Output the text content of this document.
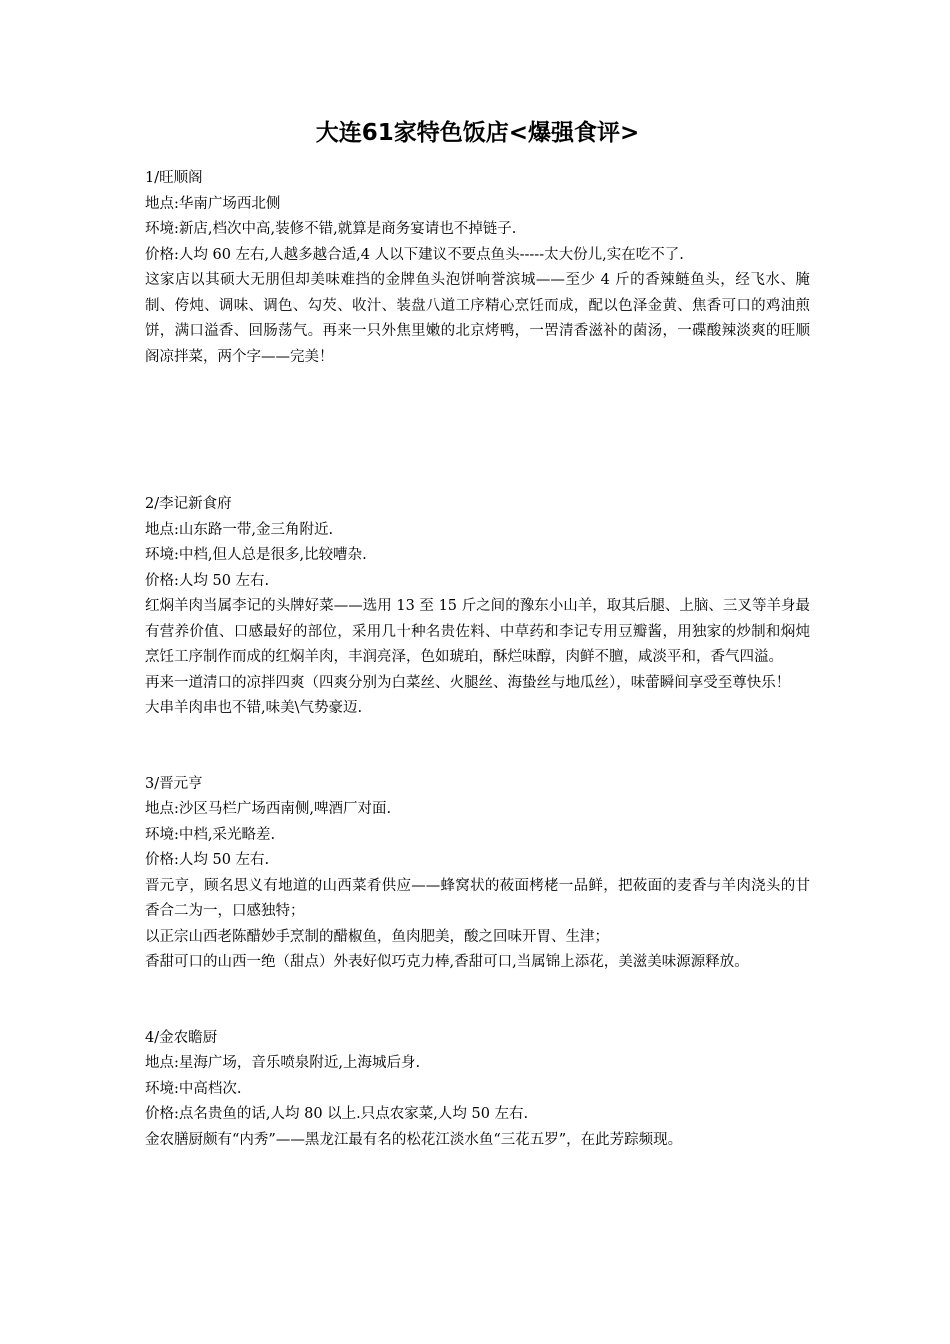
大连61家特色饭店<爆强食评>

1/旺顺阁

地点:华南广场西北侧

环境:新店,档次中高,装修不错,就算是商务宴请也不掉链子.

价格:人均 60 左右,人越多越合适,4 人以下建议不要点鱼头-----太大份儿,实在吃不了.

这家店以其硕大无朋但却美味难挡的金牌鱼头泡饼响誉滨城——至少 4 斤的香辣鲢鱼头，经飞水、腌制、侉炖、调味、调色、勾芡、收汁、装盘八道工序精心烹饪而成，配以色泽金黄、焦香可口的鸡油煎饼，满口溢香、回肠荡气。再来一只外焦里嫩的北京烤鸭，一罟清香滋补的菌汤，一碟酸辣淡爽的旺顺阁凉拌菜，两个字——完美！

2/李记新食府

地点:山东路一带,金三角附近.

环境:中档,但人总是很多,比较嘈杂.

价格:人均 50 左右.

红焖羊肉当属李记的头牌好菜——选用 13 至 15 斤之间的豫东小山羊，取其后腿、上脑、三叉等羊身最有营养价值、口感最好的部位，采用几十种名贵佐料、中草药和李记专用豆瓣酱，用独家的炒制和焖炖烹饪工序制作而成的红焖羊肉，丰润亮泽，色如琥珀，酥烂味醇，肉鲜不膻，咸淡平和，香气四溢。

再来一道清口的凉拌四爽（四爽分别为白菜丝、火腿丝、海蛰丝与地瓜丝），味蕾瞬间享受至尊快乐！

大串羊肉串也不错,味美\气势豪迈.

3/晋元亨

地点:沙区马栏广场西南侧,啤酒厂对面.

环境:中档,采光略差.

价格:人均 50 左右.

晋元亨，顾名思义有地道的山西菜肴供应——蜂窝状的莜面栲栳一品鲜，把莜面的麦香与羊肉浇头的甘香合二为一，口感独特；

以正宗山西老陈醋妙手烹制的醋椒鱼，鱼肉肥美，酸之回味开胃、生津；

香甜可口的山西一绝（甜点）外表好似巧克力棒,香甜可口,当属锦上添花，美滋美味源源释放。

4/金农瞻厨

地点:星海广场，音乐喷泉附近,上海城后身.

环境:中高档次.

价格:点名贵鱼的话,人均 80 以上.只点农家菜,人均 50 左右.

金农膳厨颇有“内秀”——黑龙江最有名的松花江淡水鱼“三花五罗”，在此芳踪频现。
